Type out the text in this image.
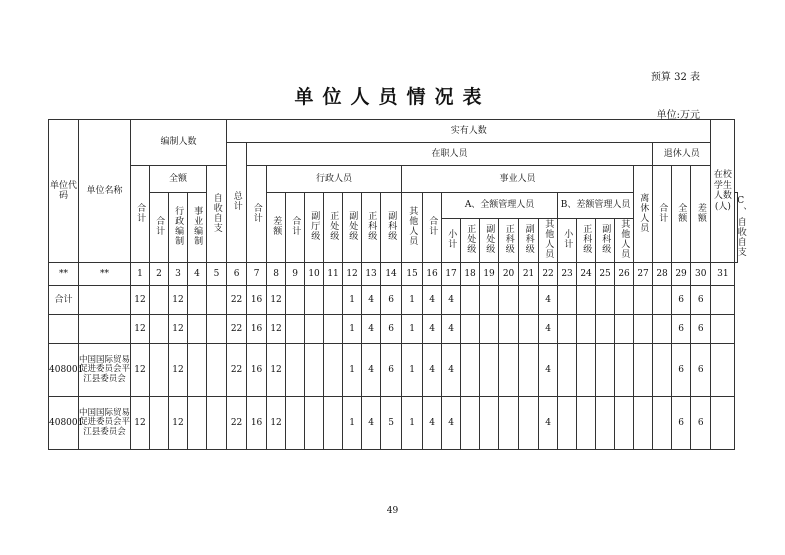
预算 32 表
单位人员情况表
单位:万元
单位代码	单位名称	编制人数					实有人数																									在校学生人数(人)	
							总计	在职人员																					退休人员				
		合计	全额			自收自支		合计	行政人员							事业人员												离休人员	合计	全额	差额		
			合计	行政编制	事业编制				差额	合计	副厅级	正处级	副处级	正科级	副科级	其他人员	合计	A、全额管理人员						B、差额管理人员									C、自收自支
																		小计	正处级	副处级	正科级	副科级	其他人员	小计	正科级	副科级	其他人员						
**	**	1	2	3	4	5	6	7	8	9	10	11	12	13	14	15	16	17	18	19	20	21	22	23	24	25	26	27	28	29	30	31	
合计		12		12			22	16	12				1	4	6	1	4	4					4							6	6		
		12		12			22	16	12				1	4	6	1	4	4					4							6	6		
408001	中国国际贸易促进委员会平江县委员会	12		12			22	16	12				1	4	6	1	4	4					4							6	6		
408001	中国国际贸易促进委员会平江县委员会	12		12			22	16	12				1	4	5	1	4	4					4							6	6		
49
